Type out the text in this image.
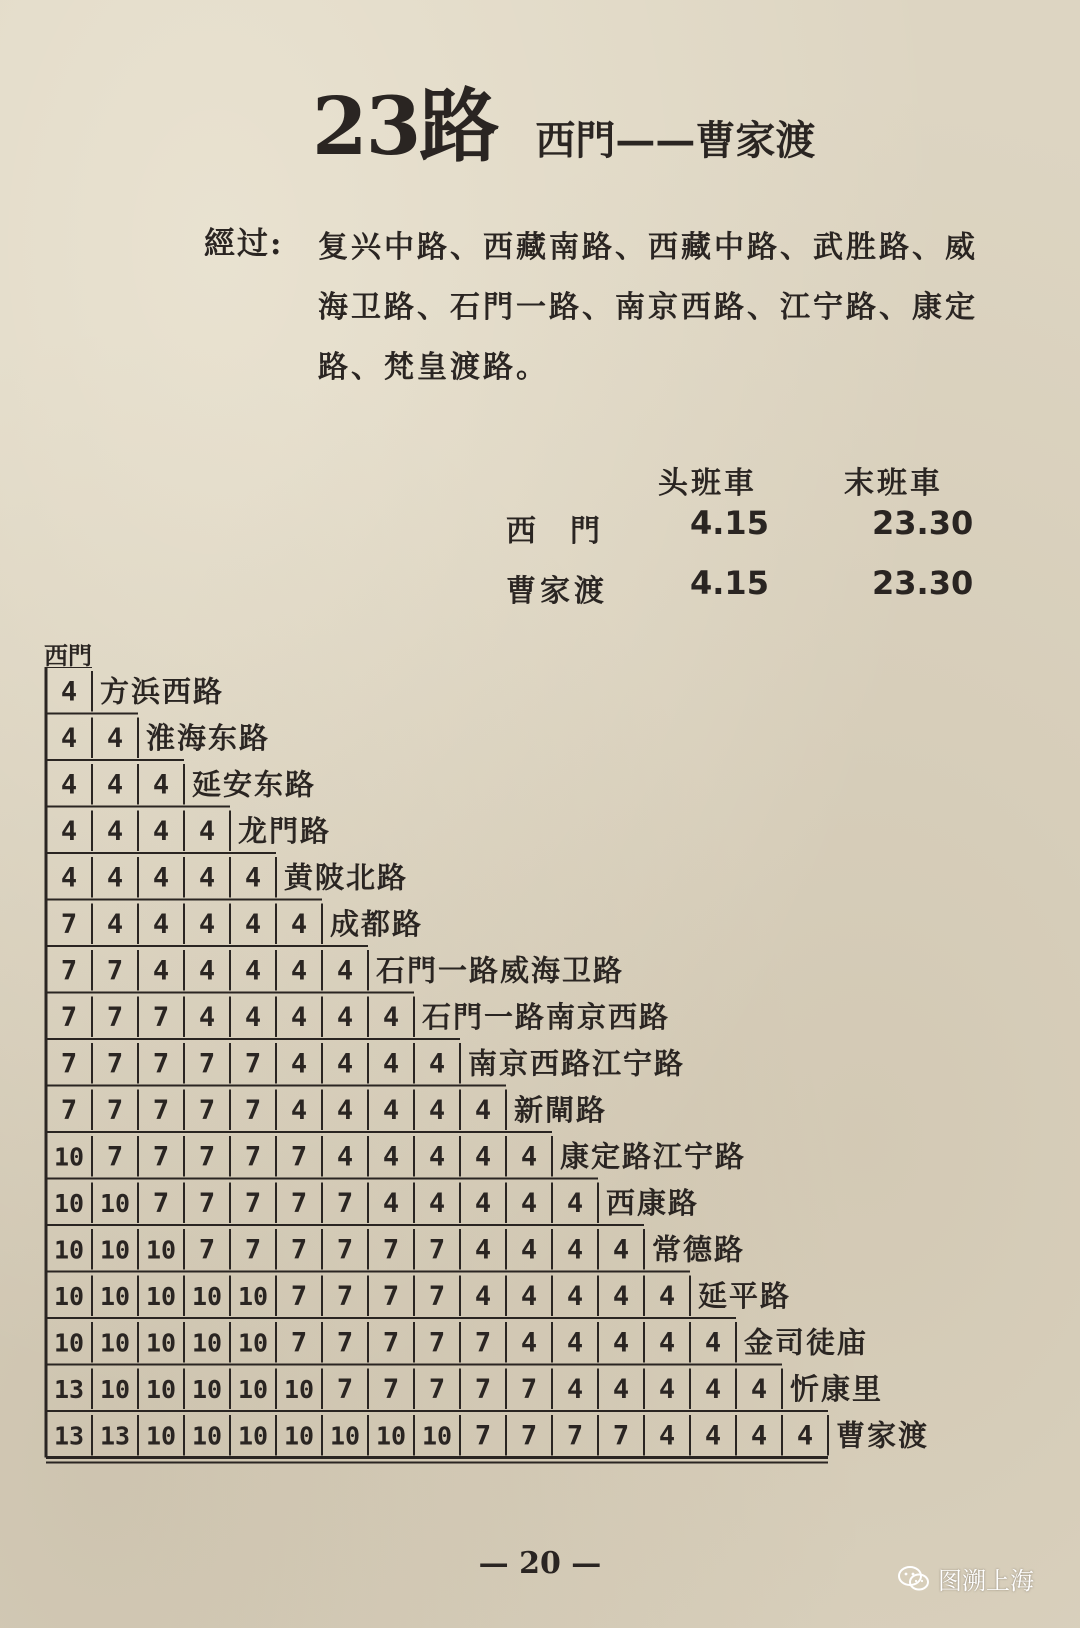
23路 西門——曹家渡
經过: 复兴中路、西藏南路、西藏中路、武胜路、威海卫路、石門一路、南京西路、江宁路、康定路、梵皇渡路。
头班車	末班車
西門 4.15	23.30
曹家渡	4.15	23.30
西門
4 方浜西路
4 4 淮海东路
4 4 4 延安东路
4 4 4 4 龙門路
4 4 4 4 4 黄陂北路
7 4 4 4 4 4 成都路
7 7 4 4 4 4 4 石門一路威海卫路
7 7 7 4 4 4 4 4 石門一路南京西路
7 7 7 7 7 4 4 4 4 南京西路江宁路
7 7 7 7 7 4 4 4 4 4 新閘路
10 7 7 7 7 7 4 4 4 4 4 康定路江宁路
10 10 7 7 7 7 7 4 4 4 4 4 西康路
10 10 10 7 7 7 7 7 7 4 4 4 4 常德路
10 10 10 10 10 7 7 7 7 4 4 4 4 4 延平路
10 10 10 10 10 7 7 7 7 7 4 4 4 4 4 金司徒庙
13 10 10 10 10 10 7 7 7 7 7 4 4 4 4 4 忻康里
13 13 10 10 10 10 10 10 10 7 7 7 7 4 4 4 4 曹家渡
— 20 —	图溯上海
